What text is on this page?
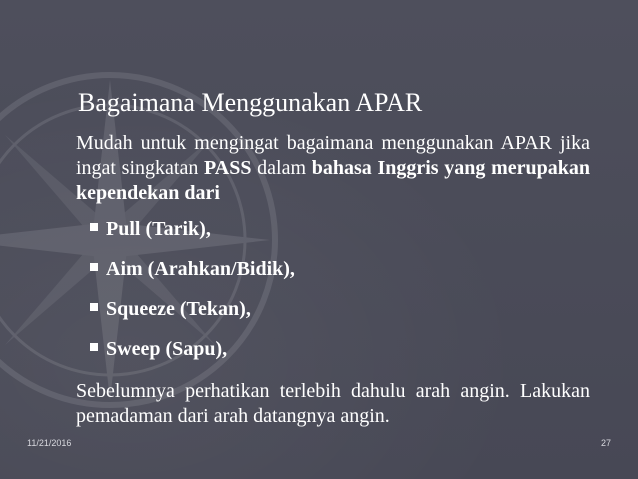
Bagaimana Menggunakan APAR

Mudah untuk mengingat bagaimana menggunakan APAR jika ingat singkatan PASS dalam bahasa Inggris yang merupakan kependekan dari

Pull (Tarik),
Aim (Arahkan/Bidik),
Squeeze (Tekan),
Sweep (Sapu),

Sebelumnya perhatikan terlebih dahulu arah angin. Lakukan pemadaman dari arah datangnya angin.

11/21/2016	27
